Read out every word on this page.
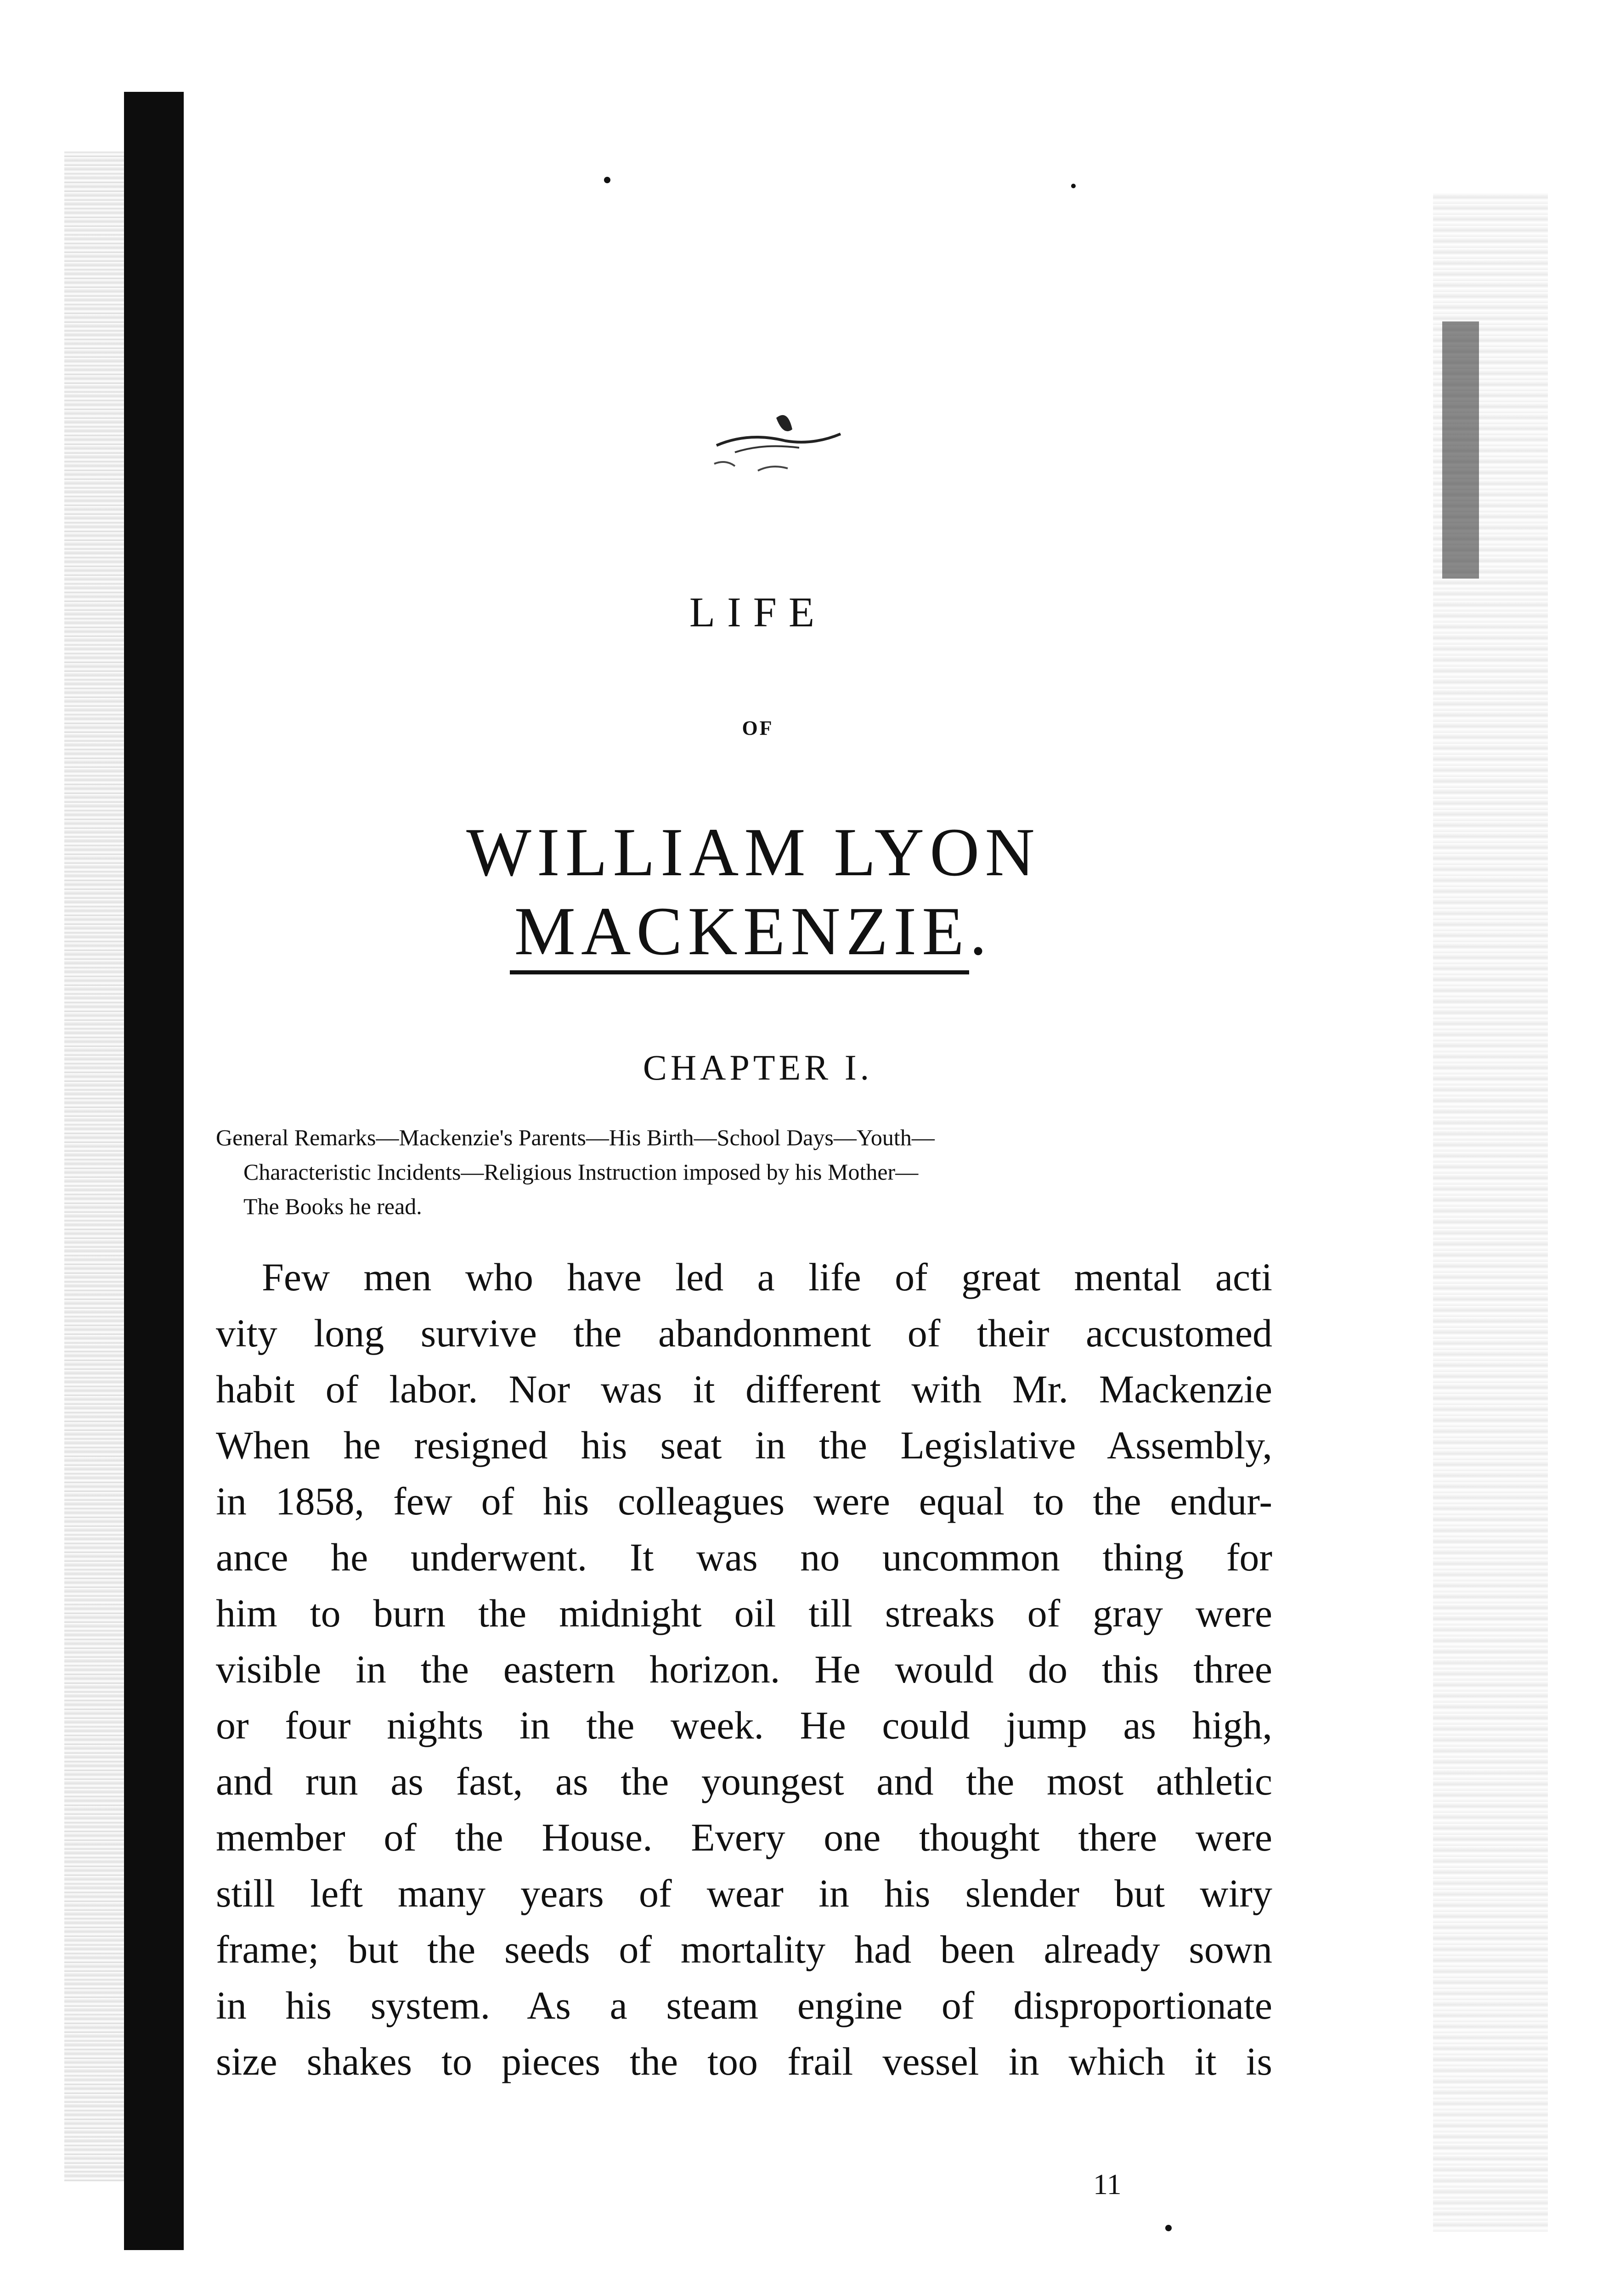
LIFE
OF
WILLIAM LYON MACKENZIE.
CHAPTER I.
General Remarks—Mackenzie's Parents—His Birth—School Days—Youth—
Characteristic Incidents—Religious Instruction imposed by his Mother—
The Books he read.
Few men who have led a life of great mental acti
vity long survive the abandonment of their accustomed
habit of labor. Nor was it different with Mr. Mackenzie
When he resigned his seat in the Legislative Assembly,
in 1858, few of his colleagues were equal to the endur-
ance he underwent. It was no uncommon thing for
him to burn the midnight oil till streaks of gray were
visible in the eastern horizon. He would do this three
or four nights in the week. He could jump as high,
and run as fast, as the youngest and the most athletic
member of the House. Every one thought there were
still left many years of wear in his slender but wiry
frame; but the seeds of mortality had been already sown
in his system. As a steam engine of disproportionate
size shakes to pieces the too frail vessel in which it is
11
